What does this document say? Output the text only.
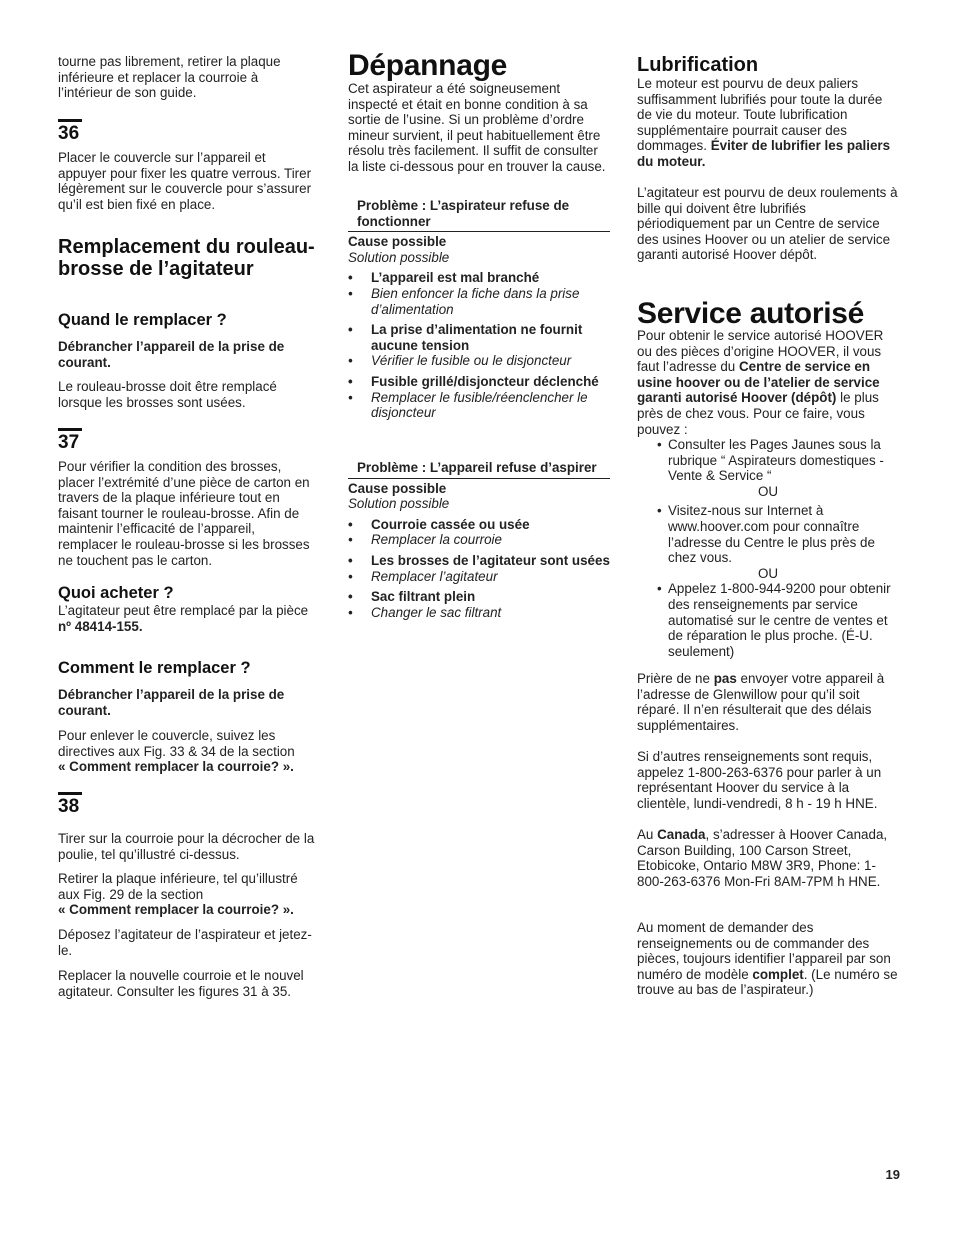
tourne pas librement, retirer la plaque inférieure et replacer la courroie à l’intérieur de son guide.

36

Placer le couvercle sur l’appareil et appuyer pour fixer les quatre verrous. Tirer légèrement sur le couvercle pour s’assurer qu’il est bien fixé en place.

Remplacement du rouleau-brosse de l’agitateur
Quand le remplacer ?

Débrancher l’appareil de la prise de courant.

Le rouleau-brosse doit être remplacé lorsque les brosses sont usées.

37

Pour vérifier la condition des brosses, placer l’extrémité d’une pièce de carton en travers de la plaque inférieure tout en faisant tourner le rouleau-brosse. Afin de maintenir l’efficacité de l’appareil, remplacer le rouleau-brosse si les brosses ne touchent pas le carton.

Quoi acheter ?

L’agitateur peut être remplacé par la pièce nº 48414-155.

Comment le remplacer ?

Débrancher l’appareil de la prise de courant.

Pour enlever le couvercle, suivez les directives aux Fig. 33 & 34 de la section
« Comment remplacer la courroie? ».

38

Tirer sur la courroie pour la décrocher de la poulie, tel qu’illustré ci-dessus.

Retirer la plaque inférieure, tel qu’illustré aux Fig. 29 de la section
« Comment remplacer la courroie? ».

Déposez l’agitateur de l’aspirateur et jetez-le.

Replacer la nouvelle courroie et le nouvel agitateur. Consulter les figures 31 à 35.

Dépannage

Cet aspirateur a été soigneusement inspecté et était en bonne condition à sa sortie de l’usine. Si un problème d’ordre mineur survient, il peut habituellement être résolu très facilement. Il suffit de consulter la liste ci-dessous pour en trouver la cause.

Problème : L’aspirateur refuse de fonctionner

Cause possible

Solution possible

• L’appareil est mal branché
• Bien enfoncer la fiche dans la prise d’alimentation
• La prise d’alimentation ne fournit aucune tension
• Vérifier le fusible ou le disjoncteur
• Fusible grillé/disjoncteur déclenché
• Remplacer le fusible/réenclencher le disjoncteur
Problème : L’appareil refuse d’aspirer

Cause possible

Solution possible

• Courroie cassée ou usée
• Remplacer la courroie
• Les brosses de l’agitateur sont usées
• Remplacer l’agitateur
• Sac filtrant plein
• Changer le sac filtrant
Lubrification

Le moteur est pourvu de deux paliers suffisamment lubrifiés pour toute la durée de vie du moteur. Toute lubrification supplémentaire pourrait causer des dommages. Éviter de lubrifier les paliers du moteur.

L’agitateur est pourvu de deux roulements à bille qui doivent être lubrifiés périodiquement par un Centre de service des usines Hoover ou un atelier de service garanti autorisé Hoover dépôt.

Service autorisé

Pour obtenir le service autorisé HOOVER ou des pièces d’origine HOOVER, il vous faut l’adresse du Centre de service en usine hoover ou de l’atelier de service garanti autorisé Hoover (dépôt) le plus près de chez vous. Pour ce faire, vous pouvez :

• Consulter les Pages Jaunes sous la rubrique “ Aspirateurs domestiques - Vente & Service “
OU
• Visitez-nous sur Internet à www.hoover.com pour connaître l’adresse du Centre le plus près de chez vous.
OU
• Appelez 1-800-944-9200 pour obtenir des renseignements par service automatisé sur le centre de ventes et de réparation le plus proche. (É-U. seulement)

Prière de ne pas envoyer votre appareil à l’adresse de Glenwillow pour qu’il soit réparé. Il n’en résulterait que des délais supplémentaires.

Si d’autres renseignements sont requis, appelez 1-800-263-6376 pour parler à un représentant Hoover du service à la clientèle, lundi-vendredi, 8 h - 19 h HNE.

Au Canada, s’adresser à Hoover Canada, Carson Building, 100 Carson Street, Etobicoke, Ontario M8W 3R9, Phone: 1-800-263-6376 Mon-Fri 8AM-7PM h HNE.

Au moment de demander des renseignements ou de commander des pièces, toujours identifier l’appareil par son numéro de modèle complet. (Le numéro se trouve au bas de l’aspirateur.)

19
